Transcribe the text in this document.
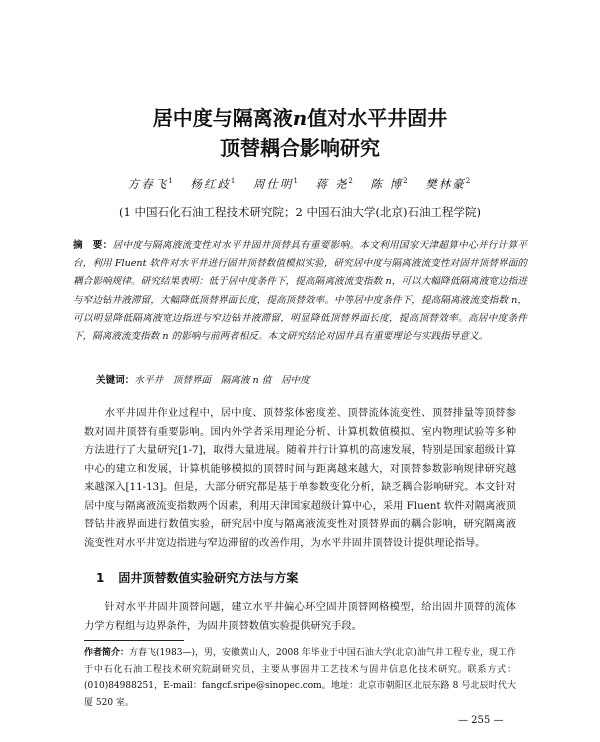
居中度与隔离液n值对水平井固井

顶替耦合影响研究

方春飞$^1$ 杨红歧$^1$ 周仕明$^1$ 蒋 尧$^2$ 陈 博$^2$ 樊林豪$^2$
(1 中国石化石油工程技术研究院；2 中国石油大学(北京)石油工程学院)
摘　要：居中度与隔离液流变性对水平井固井顶替具有重要影响。本文利用国家天津超算中心并行计算平台，利用 Fluent 软件对水平井进行固井顶替数值模拟实验，研究居中度与隔离液流变性对固井顶替界面的耦合影响规律。研究结果表明：低于居中度条件下，提高隔离液流变指数 n，可以大幅降低隔离液宽边指进与窄边钻井液滞留，大幅降低顶替界面长度，提高顶替效率。中等居中度条件下，提高隔离液流变指数 n，可以明显降低隔离液宽边指进与窄边钻井液滞留，明显降低顶替界面长度，提高顶替效率。高居中度条件下，隔离液流变指数 n 的影响与前两者相反。本文研究结论对固井具有重要理论与实践指导意义。
关键词：水平井　顶替界面　隔离液 n 值　居中度

水平井固井作业过程中，居中度、顶替浆体密度差、顶替流体流变性、顶替排量等顶替参数对固井顶替有重要影响。国内外学者采用理论分析、计算机数值模拟、室内物理试验等多种方法进行了大量研究[1-7]，取得大量进展。随着并行计算机的高速发展，特别是国家超级计算中心的建立和发展，计算机能够模拟的顶替时间与距离越来越大，对顶替参数影响规律研究越来越深入[11-13]。但是，大部分研究都是基于单参数变化分析，缺乏耦合影响研究。本文针对居中度与隔离液流变指数两个因素，利用天津国家超级计算中心，采用 Fluent 软件对隔离液顶替钻井液界面进行数值实验，研究居中度与隔离液流变性对顶替界面的耦合影响，研究隔离液流变性对水平井宽边指进与窄边滞留的改善作用，为水平井固井顶替设计提供理论指导。

1 固井顶替数值实验研究方法与方案

针对水平井固井顶替问题，建立水平井偏心环空固井顶替网格模型，给出固井顶替的流体力学方程组与边界条件，为固井顶替数值实验提供研究手段。

作者简介：方春飞(1983—)，男，安徽黄山人，2008 年毕业于中国石油大学(北京)油气井工程专业，现工作于中石化石油工程技术研究院副研究员，主要从事固井工艺技术与固井信息化技术研究。联系方式：(010)84988251，E-mail：fangcf.sripe@sinopec.com。地址：北京市朝阳区北辰东路 8 号北辰时代大厦 520 室。
— 255 —
